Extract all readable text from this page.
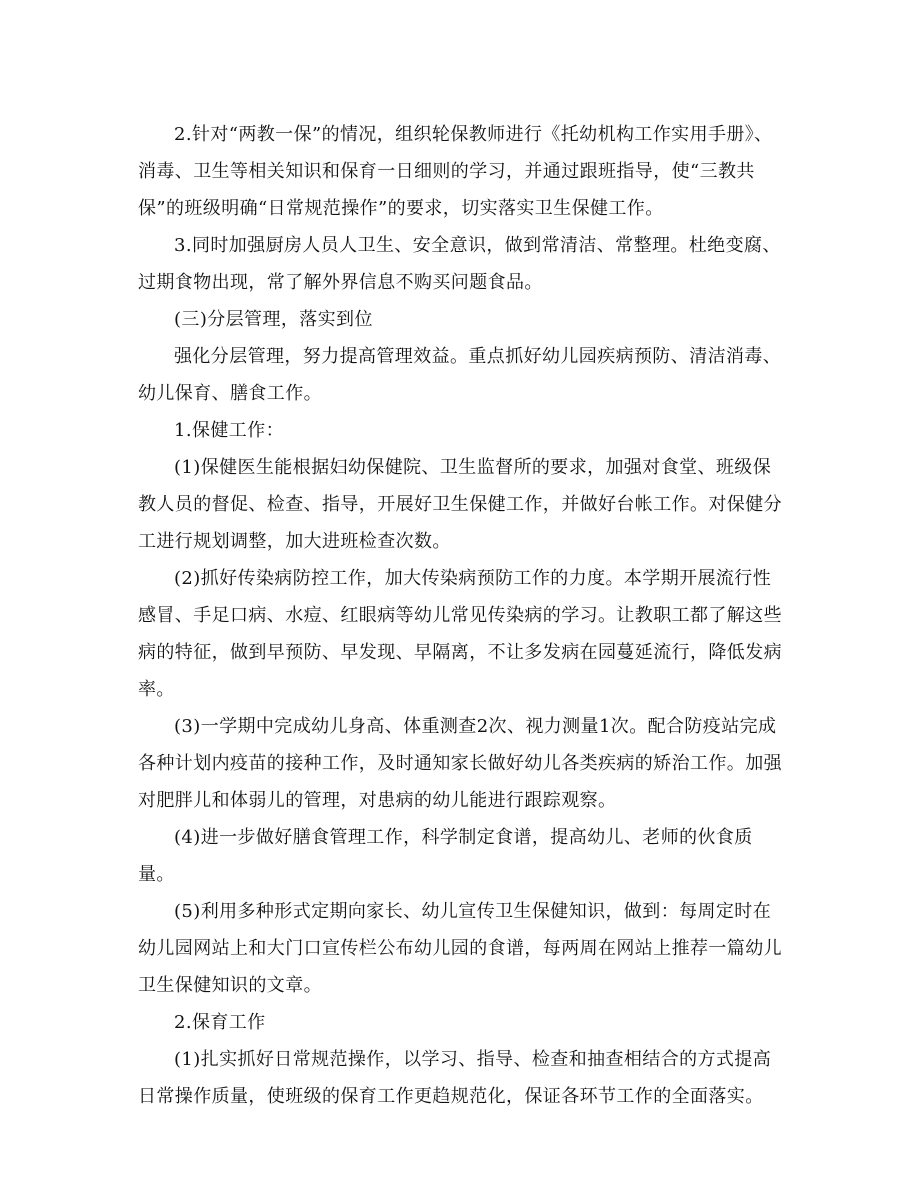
2.针对“两教一保”的情况，组织轮保教师进行《托幼机构工作实用手册》、消毒、卫生等相关知识和保育一日细则的学习，并通过跟班指导，使“三教共保”的班级明确“日常规范操作”的要求，切实落实卫生保健工作。

3.同时加强厨房人员人卫生、安全意识，做到常清洁、常整理。杜绝变腐、过期食物出现，常了解外界信息不购买问题食品。

(三)分层管理，落实到位

强化分层管理，努力提高管理效益。重点抓好幼儿园疾病预防、清洁消毒、幼儿保育、膳食工作。

1.保健工作：

(1)保健医生能根据妇幼保健院、卫生监督所的要求，加强对食堂、班级保教人员的督促、检查、指导，开展好卫生保健工作，并做好台帐工作。对保健分工进行规划调整，加大进班检查次数。

(2)抓好传染病防控工作，加大传染病预防工作的力度。本学期开展流行性感冒、手足口病、水痘、红眼病等幼儿常见传染病的学习。让教职工都了解这些病的特征，做到早预防、早发现、早隔离，不让多发病在园蔓延流行，降低发病率。

(3)一学期中完成幼儿身高、体重测查2次、视力测量1次。配合防疫站完成各种计划内疫苗的接种工作，及时通知家长做好幼儿各类疾病的矫治工作。加强对肥胖儿和体弱儿的管理，对患病的幼儿能进行跟踪观察。

(4)进一步做好膳食管理工作，科学制定食谱，提高幼儿、老师的伙食质量。

(5)利用多种形式定期向家长、幼儿宣传卫生保健知识，做到：每周定时在幼儿园网站上和大门口宣传栏公布幼儿园的食谱，每两周在网站上推荐一篇幼儿卫生保健知识的文章。

2.保育工作

(1)扎实抓好日常规范操作，以学习、指导、检查和抽查相结合的方式提高日常操作质量，使班级的保育工作更趋规范化，保证各环节工作的全面落实。
